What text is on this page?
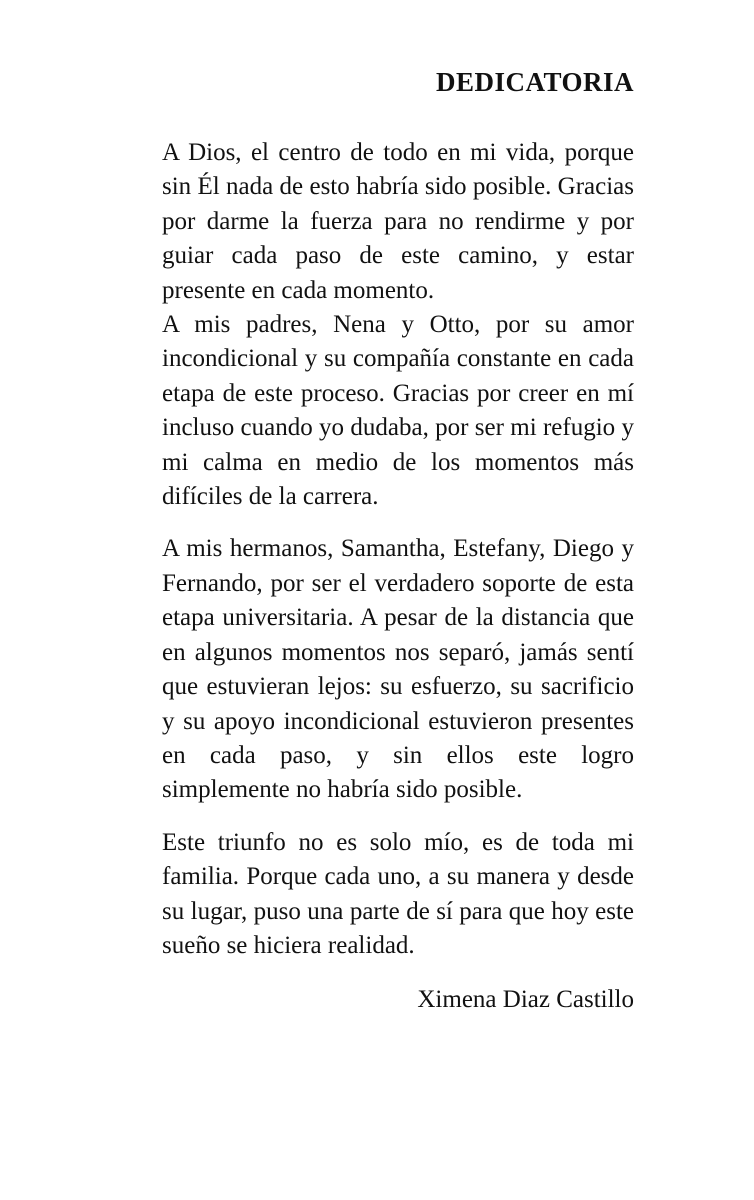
DEDICATORIA

A Dios, el centro de todo en mi vida, porque sin Él nada de esto habría sido posible. Gracias por darme la fuerza para no rendirme y por guiar cada paso de este camino, y estar presente en cada momento.

A mis padres, Nena y Otto, por su amor incondicional y su compañía constante en cada etapa de este proceso. Gracias por creer en mí incluso cuando yo dudaba, por ser mi refugio y mi calma en medio de los momentos más difíciles de la carrera.

A mis hermanos, Samantha, Estefany, Diego y Fernando, por ser el verdadero soporte de esta etapa universitaria. A pesar de la distancia que en algunos momentos nos separó, jamás sentí que estuvieran lejos: su esfuerzo, su sacrificio y su apoyo incondicional estuvieron presentes en cada paso, y sin ellos este logro simplemente no habría sido posible.

Este triunfo no es solo mío, es de toda mi familia. Porque cada uno, a su manera y desde su lugar, puso una parte de sí para que hoy este sueño se hiciera realidad.

Ximena Diaz Castillo
